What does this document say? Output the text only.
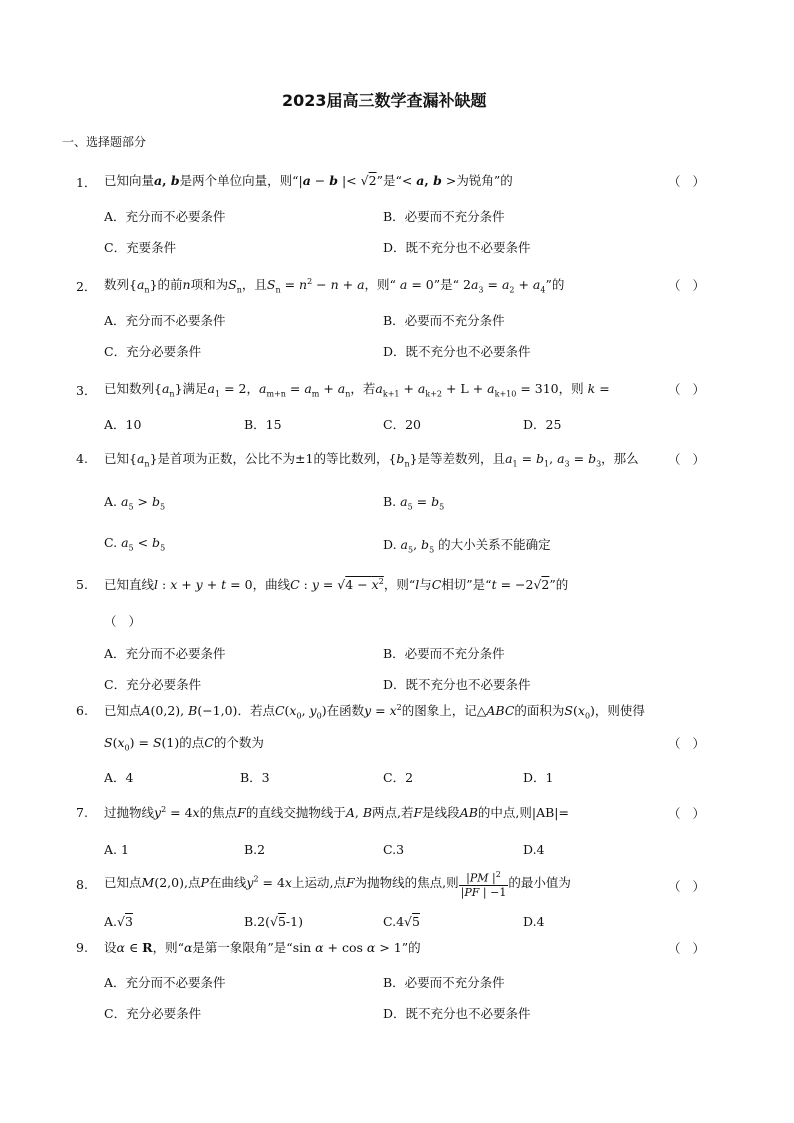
2023届高三数学查漏补缺题
一、选择题部分
1． 已知向量a, b是两个单位向量，则“|a − b |< √2”是“< a, b >为锐角”的	（ ）
A．充分而不必要条件	B．必要而不充分条件
C．充要条件	D．既不充分也不必要条件
2． 数列$\{a_n\}$的前n项和为$S_n$，且$S_n = n^2 - n + a$，则“ a = 0”是“ $2a_3 = a_2 + a_4$”的	（ ）
A．充分而不必要条件	B．必要而不充分条件
C．充分必要条件	D．既不充分也不必要条件
3． 已知数列$\{a_n\}$满足$a_1 = 2$，$a_{m+n} = a_m + a_n$，若$a_{k+1} + a_{k+2} + L + a_{k+10} = 310$，则 k =	（ ）
A．10	B．15	C．20	D．25
4. 已知$\{a_n\}$是首项为正数，公比不为±1的等比数列，$\{b_n\}$是等差数列，且$a_1 = b_1$, $a_3 = b_3$，那么 （ ）
A. $a_5 > b_5$	B. $a_5 = b_5$
C. $a_5 < b_5$	D. $a_5$, $b_5$ 的大小关系不能确定
5. 已知直线l : x + y + t = 0，曲线C : $y = √4 - x^2$，则“l与C相切”是“t = −2√2”的
（ ）
A．充分而不必要条件	B．必要而不充分条件
C．充分必要条件	D．既不充分也不必要条件
6. 已知点A(0,2), B(−1,0)．若点$C(x_0$, $y_0$)在函数$y = x^2$的图象上，记△ABC的面积为$S(x_0)$，则使得
$S(x_0) = S(1)$的点C的个数为	（ ）
A．4	B．3	C．2	D．1
7. 过抛物线$y^2 = 4x$的焦点F的直线交抛物线于A, B两点,若F是线段AB的中点,则|AB|=	（ ）
A. 1	B.2	C.3	D.4
8. 已知点M(2,0),点P在曲线$y^2 = 4x$上运动,点F为抛物线的焦点,则 $\frac{|PM |^2}{|PF | -1}$ 的最小值为	（ ）
A.√3	B.2(√5-1)	C.4√5	D.4
9. 设α ∈ R，则“α是第一象限角”是“sin α + cos α > 1”的	（ ）
A．充分而不必要条件	B．必要而不充分条件
C．充分必要条件	D．既不充分也不必要条件
